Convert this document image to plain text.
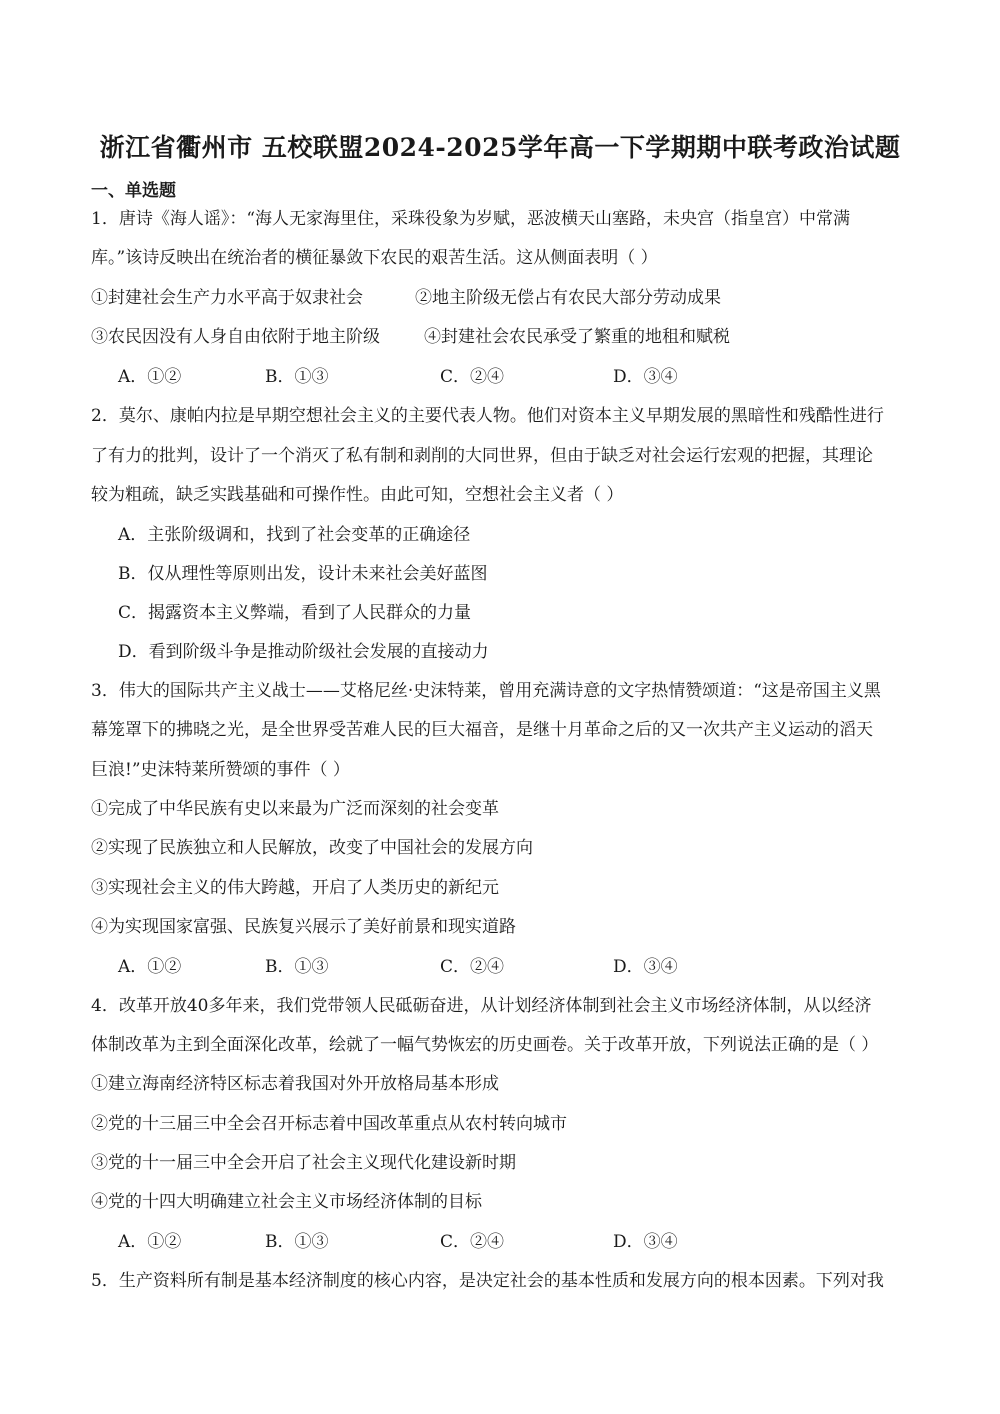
浙江省衢州市 五校联盟2024-2025学年高一下学期期中联考政治试题
一、单选题
1．唐诗《海人谣》：“海人无家海里住，采珠役象为岁赋，恶波横天山塞路，未央宫（指皇宫）中常满
库。”该诗反映出在统治者的横征暴敛下农民的艰苦生活。这从侧面表明（ ）
①封建社会生产力水平高于奴隶社会	②地主阶级无偿占有农民大部分劳动成果
③农民因没有人身自由依附于地主阶级	④封建社会农民承受了繁重的地租和赋税
A．①②	B．①③	C．②④	D．③④
2．莫尔、康帕内拉是早期空想社会主义的主要代表人物。他们对资本主义早期发展的黑暗性和残酷性进行
了有力的批判，设计了一个消灭了私有制和剥削的大同世界，但由于缺乏对社会运行宏观的把握，其理论
较为粗疏，缺乏实践基础和可操作性。由此可知，空想社会主义者（ ）
A．主张阶级调和，找到了社会变革的正确途径
B．仅从理性等原则出发，设计未来社会美好蓝图
C．揭露资本主义弊端，看到了人民群众的力量
D．看到阶级斗争是推动阶级社会发展的直接动力
3．伟大的国际共产主义战士——艾格尼丝·史沫特莱，曾用充满诗意的文字热情赞颂道：“这是帝国主义黑
幕笼罩下的拂晓之光，是全世界受苦难人民的巨大福音，是继十月革命之后的又一次共产主义运动的滔天
巨浪!”史沫特莱所赞颂的事件（ ）
①完成了中华民族有史以来最为广泛而深刻的社会变革
②实现了民族独立和人民解放，改变了中国社会的发展方向
③实现社会主义的伟大跨越，开启了人类历史的新纪元
④为实现国家富强、民族复兴展示了美好前景和现实道路
A．①②	B．①③	C．②④	D．③④
4．改革开放40多年来，我们党带领人民砥砺奋进，从计划经济体制到社会主义市场经济体制，从以经济
体制改革为主到全面深化改革，绘就了一幅气势恢宏的历史画卷。关于改革开放，下列说法正确的是（ ）
①建立海南经济特区标志着我国对外开放格局基本形成
②党的十三届三中全会召开标志着中国改革重点从农村转向城市
③党的十一届三中全会开启了社会主义现代化建设新时期
④党的十四大明确建立社会主义市场经济体制的目标
A．①②	B．①③	C．②④	D．③④
5．生产资料所有制是基本经济制度的核心内容，是决定社会的基本性质和发展方向的根本因素。下列对我
